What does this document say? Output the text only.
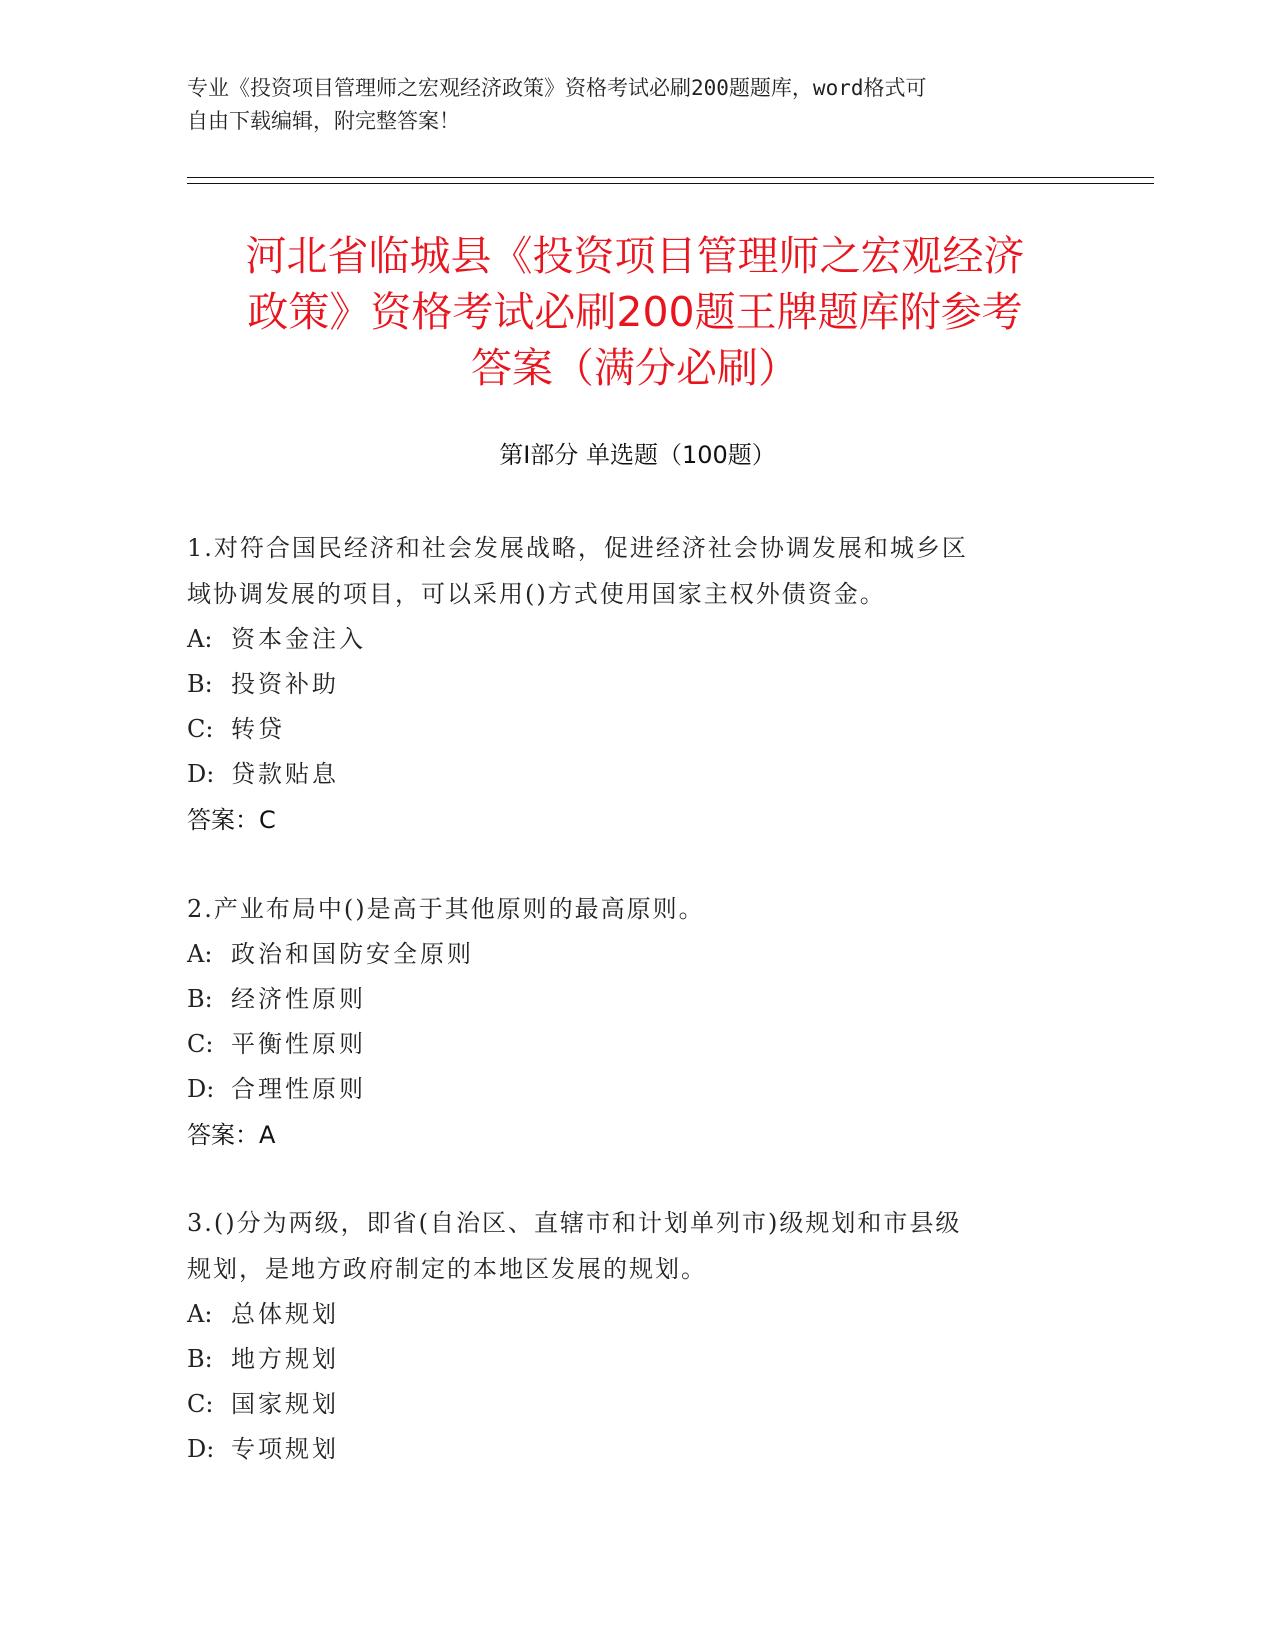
专业《投资项目管理师之宏观经济政策》资格考试必刷200题题库，word格式可
自由下载编辑，附完整答案！
河北省临城县《投资项目管理师之宏观经济
政策》资格考试必刷200题王牌题库附参考
答案（满分必刷）
第Ⅰ部分 单选题（100题）
1.对符合国民经济和社会发展战略，促进经济社会协调发展和城乡区
域协调发展的项目，可以采用()方式使用国家主权外债资金。
A: 资本金注入
B: 投资补助
C: 转贷
D: 贷款贴息
答案：C
2.产业布局中()是高于其他原则的最高原则。
A: 政治和国防安全原则
B: 经济性原则
C: 平衡性原则
D: 合理性原则
答案：A
3.()分为两级，即省(自治区、直辖市和计划单列市)级规划和市县级
规划，是地方政府制定的本地区发展的规划。
A: 总体规划
B: 地方规划
C: 国家规划
D: 专项规划
